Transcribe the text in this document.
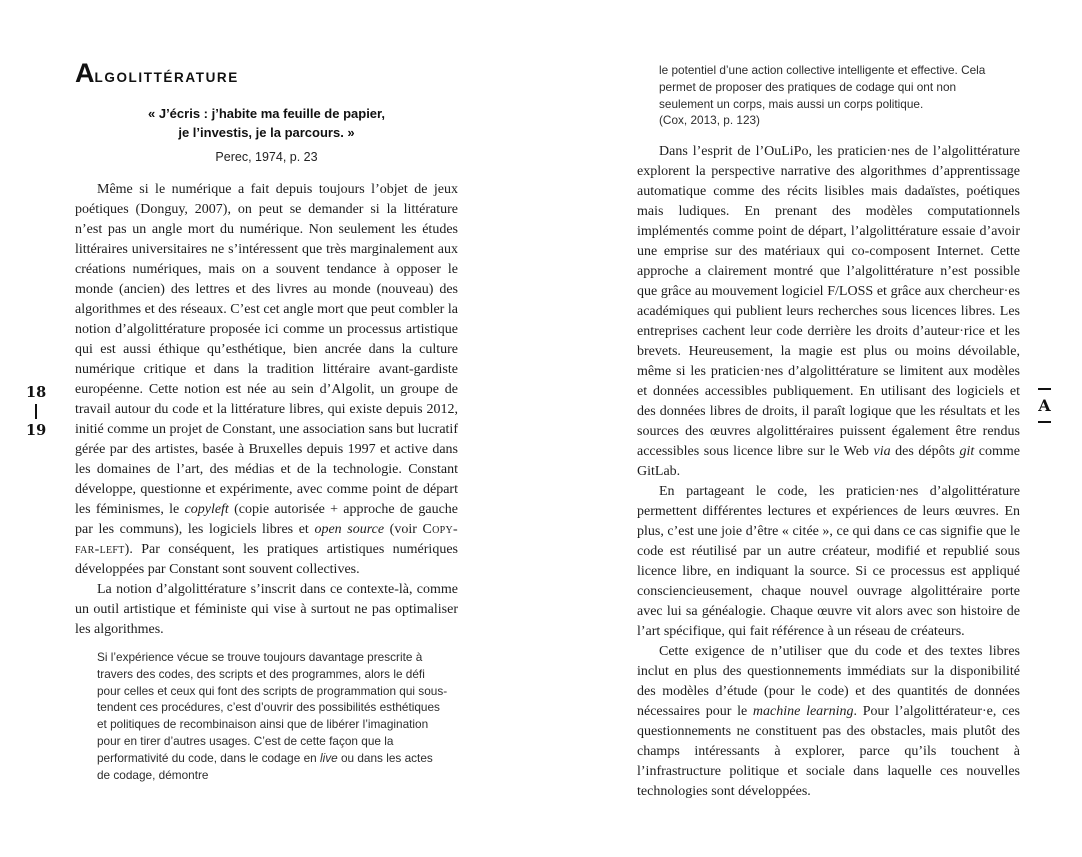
18
19
A
A LGOLITTÉRATURE
« J’écris : j’habite ma feuille de papier,
je l’investis, je la parcours. »
Perec, 1974, p. 23

Même si le numérique a fait depuis toujours l’objet de jeux poétiques (Donguy, 2007), on peut se demander si la littérature n’est pas un angle mort du numérique. Non seulement les études littéraires universitaires ne s’intéressent que très marginalement aux créations numériques, mais on a souvent tendance à opposer le monde (ancien) des lettres et des livres au monde (nouveau) des algorithmes et des réseaux. C’est cet angle mort que peut combler la notion d’algolittérature proposée ici comme un processus artistique qui est aussi éthique qu’esthétique, bien ancrée dans la culture numérique critique et dans la tradition littéraire avant-gardiste européenne. Cette notion est née au sein d’Algolit, un groupe de travail autour du code et la littérature libres, qui existe depuis 2012, initié comme un projet de Constant, une association sans but lucratif gérée par des artistes, basée à Bruxelles depuis 1997 et active dans les domaines de l’art, des médias et de la technologie. Constant développe, questionne et expérimente, avec comme point de départ les féminismes, le copyleft (copie autorisée + approche de gauche par les communs), les logiciels libres et open source (voir Copy-far-left). Par conséquent, les pratiques artistiques numériques développées par Constant sont souvent collectives.

La notion d’algolittérature s’inscrit dans ce contexte-là, comme un outil artistique et féministe qui vise à surtout ne pas optimaliser les algorithmes.

Si l’expérience vécue se trouve toujours davantage prescrite à travers des codes, des scripts et des programmes, alors le défi pour celles et ceux qui font des scripts de programmation qui sous-tendent ces procédures, c’est d’ouvrir des possibilités esthétiques et politiques de recombinaison ainsi que de libérer l’imagination pour en tirer d’autres usages. C’est de cette façon que la performativité du code, dans le codage en live ou dans les actes de codage, démontre
le potentiel d’une action collective intelligente et effective. Cela permet de proposer des pratiques de codage qui ont non seulement un corps, mais aussi un corps politique.
(Cox, 2013, p. 123)

Dans l’esprit de l’OuLiPo, les praticien·nes de l’algolittérature explorent la perspective narrative des algorithmes d’apprentissage automatique comme des récits lisibles mais dadaïstes, poétiques mais ludiques. En prenant des modèles computationnels implémentés comme point de départ, l’algolittérature essaie d’avoir une emprise sur des matériaux qui co-composent Internet. Cette approche a clairement montré que l’algolittérature n’est possible que grâce au mouvement logiciel F/LOSS et grâce aux chercheur·es académiques qui publient leurs recherches sous licences libres. Les entreprises cachent leur code derrière les droits d’auteur·rice et les brevets. Heureusement, la magie est plus ou moins dévoilable, même si les praticien·nes d’algolittérature se limitent aux modèles et données accessibles publiquement. En utilisant des logiciels et des données libres de droits, il paraît logique que les résultats et les sources des œuvres algolittéraires puissent également être rendus accessibles sous licence libre sur le Web via des dépôts git comme GitLab.

En partageant le code, les praticien·nes d’algolittérature permettent différentes lectures et expériences de leurs œuvres. En plus, c’est une joie d’être « citée », ce qui dans ce cas signifie que le code est réutilisé par un autre créateur, modifié et republié sous licence libre, en indiquant la source. Si ce processus est appliqué consciencieusement, chaque nouvel ouvrage algolittéraire porte avec lui sa généalogie. Chaque œuvre vit alors avec son histoire de l’art spécifique, qui fait référence à un réseau de créateurs.

Cette exigence de n’utiliser que du code et des textes libres inclut en plus des questionnements immédiats sur la disponibilité des modèles d’étude (pour le code) et des quantités de données nécessaires pour le machine learning. Pour l’algolittérateur·e, ces questionnements ne constituent pas des obstacles, mais plutôt des champs intéressants à explorer, parce qu’ils touchent à l’infrastructure politique et sociale dans laquelle ces nouvelles technologies sont développées.
